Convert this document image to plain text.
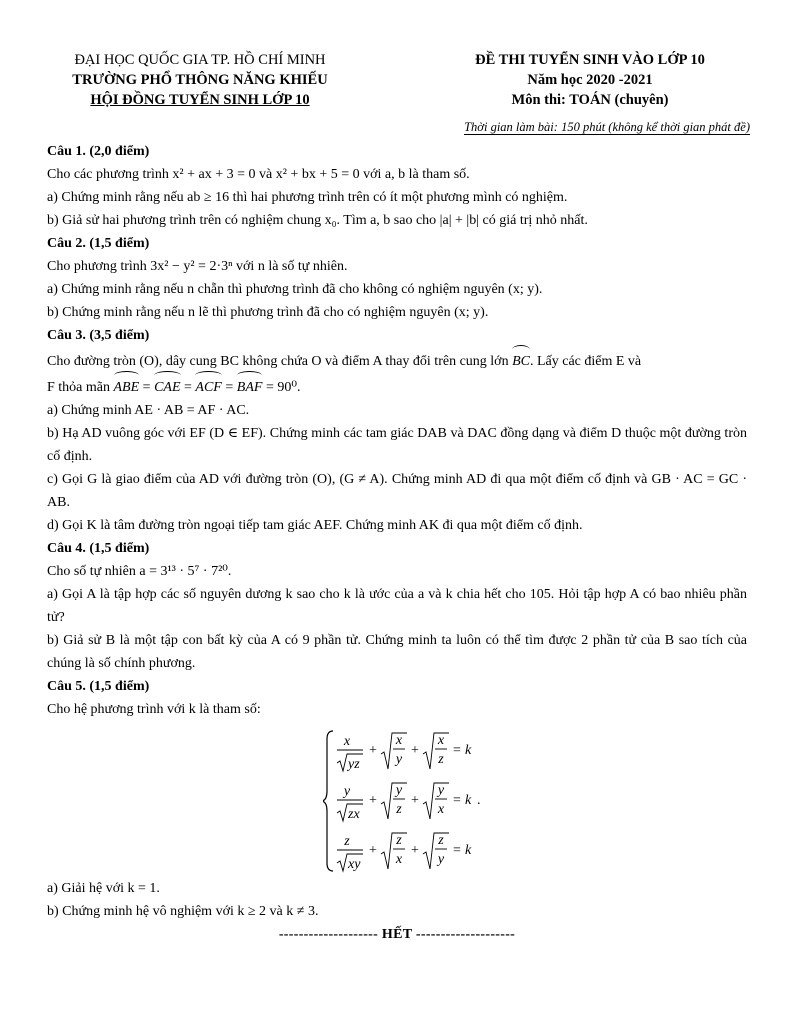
ĐẠI HỌC QUỐC GIA TP. HỒ CHÍ MINH
TRƯỜNG PHỔ THÔNG NĂNG KHIẾU
HỘI ĐỒNG TUYỂN SINH LỚP 10
ĐỀ THI TUYỂN SINH VÀO LỚP 10
Năm học 2020 -2021
Môn thi: TOÁN (chuyên)
Thời gian làm bài: 150 phút (không kể thời gian phát đề)

Câu 1. (2,0 điểm)

Cho các phương trình x² + ax + 3 = 0 và x² + bx + 5 = 0 với a, b là tham số.

a) Chứng minh rằng nếu ab ≥ 16 thì hai phương trình trên có ít một phương mình có nghiệm.

b) Giả sử hai phương trình trên có nghiệm chung x₀. Tìm a, b sao cho |a| + |b| có giá trị nhỏ nhất.

Câu 2. (1,5 điểm)

Cho phương trình 3x² − y² = 2·3ⁿ với n là số tự nhiên.

a) Chứng minh rằng nếu n chẵn thì phương trình đã cho không có nghiệm nguyên (x; y).

b) Chứng minh rằng nếu n lẽ thì phương trình đã cho có nghiệm nguyên (x; y).

Câu 3. (3,5 điểm)

Cho đường tròn (O), dây cung BC không chứa O và điểm A thay đổi trên cung lớn BC. Lấy các điểm E và

F thỏa mãn ABE = CAE = ACF = BAF = 90⁰.

a) Chứng minh AE · AB = AF · AC.

b) Hạ AD vuông góc với EF (D ∈ EF). Chứng minh các tam giác DAB và DAC đồng dạng và điểm D thuộc một đường tròn cố định.

c) Gọi G là giao điểm của AD với đường tròn (O), (G ≠ A). Chứng minh AD đi qua một điểm cố định và GB · AC = GC · AB.

d) Gọi K là tâm đường tròn ngoại tiếp tam giác AEF. Chứng minh AK đi qua một điểm cố định.

Câu 4. (1,5 điểm)

Cho số tự nhiên a = 3¹³ · 5⁷ · 7²⁰.

a) Gọi A là tập hợp các số nguyên dương k sao cho k là ước của a và k chia hết cho 105. Hỏi tập hợp A có bao nhiêu phần tử?

b) Giả sử B là một tập con bất kỳ của A có 9 phần tử. Chứng minh ta luôn có thể tìm được 2 phần tử của B sao tích của chúng là số chính phương.

Câu 5. (1,5 điểm)

Cho hệ phương trình với k là tham số:

x
yz
+
x
y
+
x
z
= k
y
zx
+
y
z
+
y
x
= k .
z
xy
+
z
x
+
z
y
= k

a) Giải hệ với k = 1.

b) Chứng minh hệ vô nghiệm với k ≥ 2 và k ≠ 3.

-------------------- HẾT --------------------
